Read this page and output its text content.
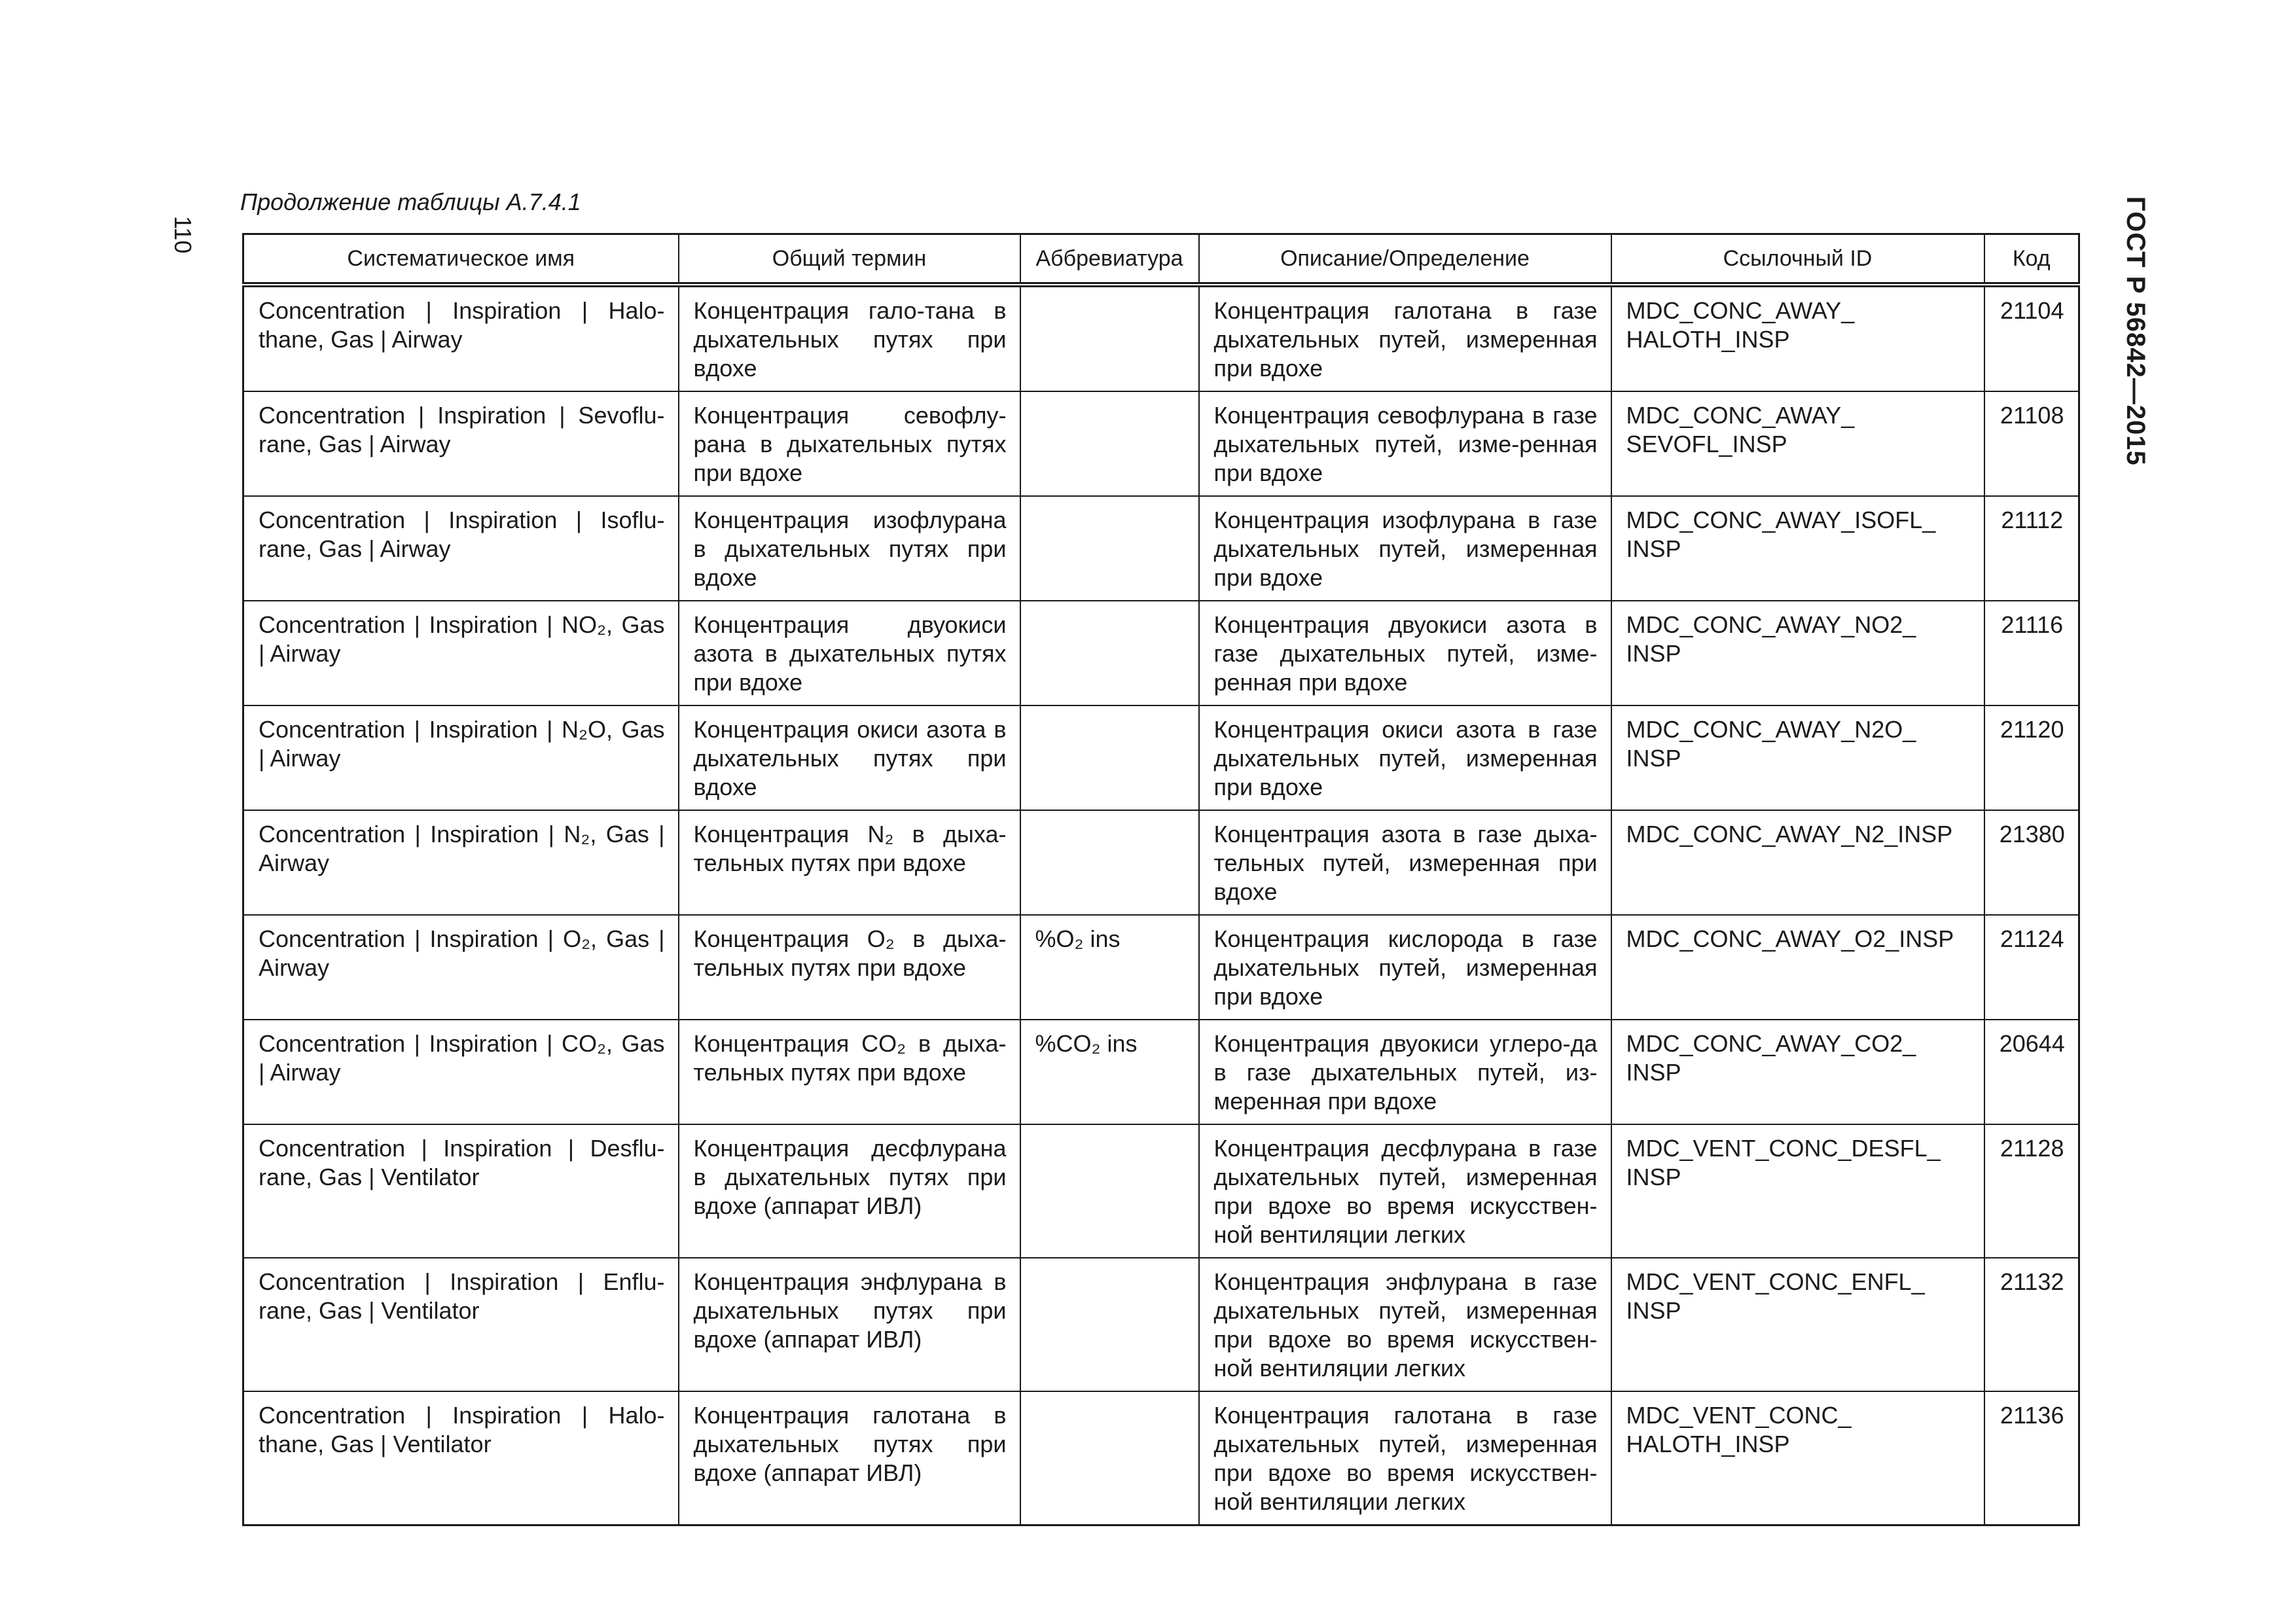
110	ГОСТ Р 56842—2015
Продолжение таблицы А.7.4.1
Систематическое имя	Общий термин	Аббревиатура	Описание/Определение	Ссылочный ID	Код
Concentration | Inspiration | Halo-thane, Gas | Airway	Концентрация гало-тана в дыхательных путях при вдохе		Концентрация галотана в газе дыхательных путей, измеренная при вдохе	MDC_CONC_AWAY_ HALOTH_INSP	21104
Concentration | Inspiration | Sevoflu-rane, Gas | Airway	Концентрация севофлу-рана в дыхательных путях при вдохе		Концентрация севофлурана в газе дыхательных путей, изме-ренная при вдохе	MDC_CONC_AWAY_ SEVOFL_INSP	21108
Concentration | Inspiration | Isoflu-rane, Gas | Airway	Концентрация изофлурана в дыхательных путях при вдохе		Концентрация изофлурана в газе дыхательных путей, измеренная при вдохе	MDC_CONC_AWAY_ISOFL_ INSP	21112
Concentration | Inspiration | NO₂, Gas | Airway	Концентрация двуокиси азота в дыхательных путях при вдохе		Концентрация двуокиси азота в газе дыхательных путей, изме-ренная при вдохе	MDC_CONC_AWAY_NO2_ INSP	21116
Concentration | Inspiration | N₂O, Gas | Airway	Концентрация окиси азота в дыхательных путях при вдохе		Концентрация окиси азота в газе дыхательных путей, измеренная при вдохе	MDC_CONC_AWAY_N2O_ INSP	21120
Concentration | Inspiration | N₂, Gas | Airway	Концентрация N₂ в дыха-тельных путях при вдохе		Концентрация азота в газе дыха-тельных путей, измеренная при вдохе	MDC_CONC_AWAY_N2_INSP	21380
Concentration | Inspiration | O₂, Gas | Airway	Концентрация O₂ в дыха-тельных путях при вдохе	%O₂ ins	Концентрация кислорода в газе дыхательных путей, измеренная при вдохе	MDC_CONC_AWAY_O2_INSP	21124
Concentration | Inspiration | CO₂, Gas | Airway	Концентрация CO₂ в дыха-тельных путях при вдохе	%CO₂ ins	Концентрация двуокиси углеро-да в газе дыхательных путей, из-меренная при вдохе	MDC_CONC_AWAY_CO2_ INSP	20644
Concentration | Inspiration | Desflu-rane, Gas | Ventilator	Концентрация десфлурана в дыхательных путях при вдохе (аппарат ИВЛ)		Концентрация десфлурана в газе дыхательных путей, измеренная при вдохе во время искусствен-ной вентиляции легких	MDC_VENT_CONC_DESFL_ INSP	21128
Concentration | Inspiration | Enflu-rane, Gas | Ventilator	Концентрация энфлурана в дыхательных путях при вдохе (аппарат ИВЛ)		Концентрация энфлурана в газе дыхательных путей, измеренная при вдохе во время искусствен-ной вентиляции легких	MDC_VENT_CONC_ENFL_ INSP	21132
Concentration | Inspiration | Halo-thane, Gas | Ventilator	Концентрация галотана в дыхательных путях при вдохе (аппарат ИВЛ)		Концентрация галотана в газе дыхательных путей, измеренная при вдохе во время искусствен-ной вентиляции легких	MDC_VENT_CONC_ HALOTH_INSP	21136
